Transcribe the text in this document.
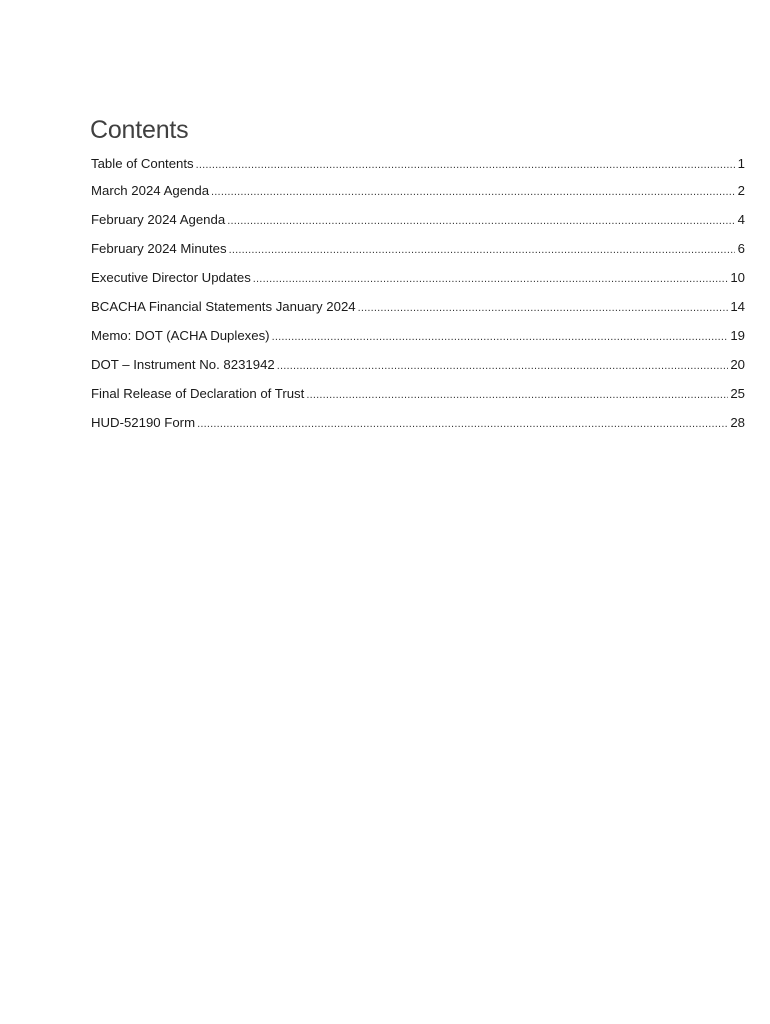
Contents
Table of Contents .....	1
March 2024 Agenda .....	2
February 2024 Agenda .....	4
February 2024 Minutes .....	6
Executive Director Updates .....	10
BCACHA Financial Statements January 2024 .....	14
Memo: DOT (ACHA Duplexes) .....	19
DOT – Instrument No. 8231942 .....	20
Final Release of Declaration of Trust .....	25
HUD-52190 Form .....	28
